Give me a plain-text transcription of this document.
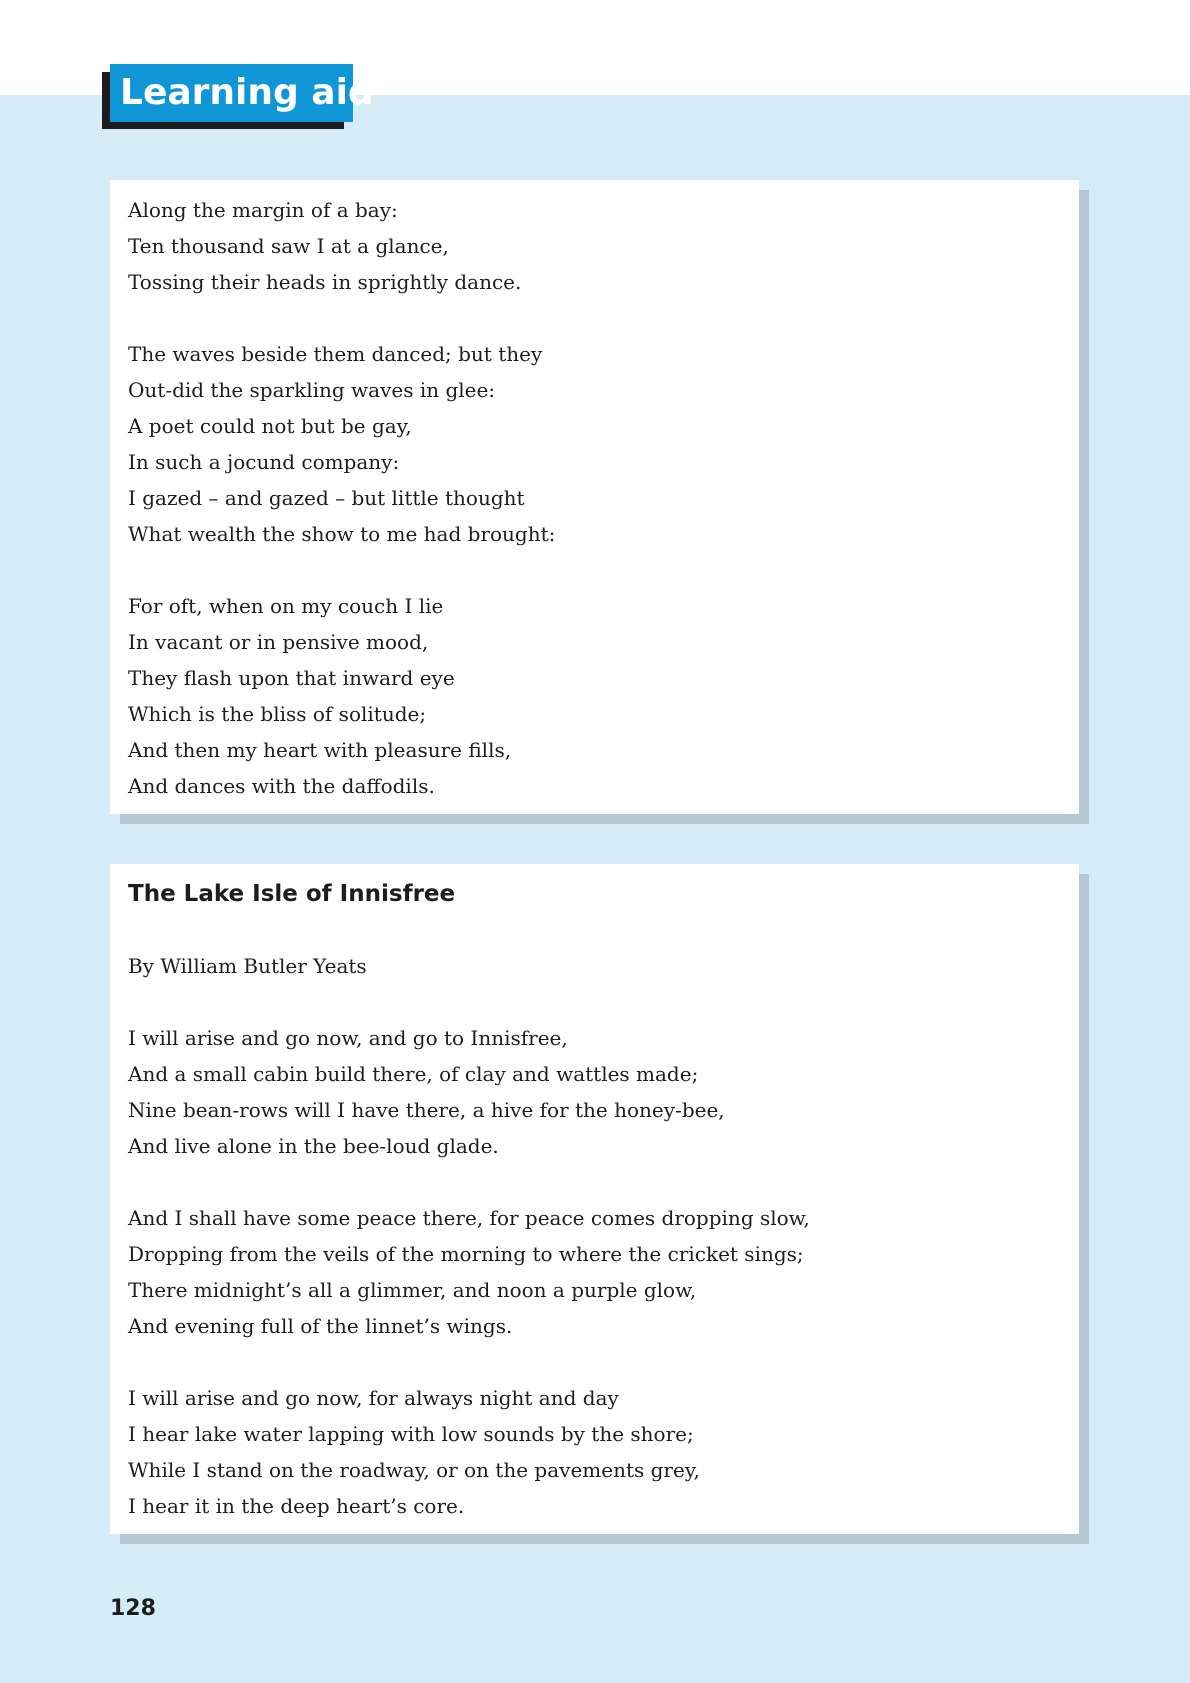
Learning aid
Along the margin of a bay:
Ten thousand saw I at a glance,
Tossing their heads in sprightly dance.
The waves beside them danced; but they
Out-did the sparkling waves in glee:
A poet could not but be gay,
In such a jocund company:
I gazed – and gazed – but little thought
What wealth the show to me had brought:
For oft, when on my couch I lie
In vacant or in pensive mood,
They flash upon that inward eye
Which is the bliss of solitude;
And then my heart with pleasure fills,
And dances with the daffodils.
The Lake Isle of Innisfree
By William Butler Yeats
I will arise and go now, and go to Innisfree,
And a small cabin build there, of clay and wattles made;
Nine bean-rows will I have there, a hive for the honey-bee,
And live alone in the bee-loud glade.
And I shall have some peace there, for peace comes dropping slow,
Dropping from the veils of the morning to where the cricket sings;
There midnight’s all a glimmer, and noon a purple glow,
And evening full of the linnet’s wings.
I will arise and go now, for always night and day
I hear lake water lapping with low sounds by the shore;
While I stand on the roadway, or on the pavements grey,
I hear it in the deep heart’s core.
128
